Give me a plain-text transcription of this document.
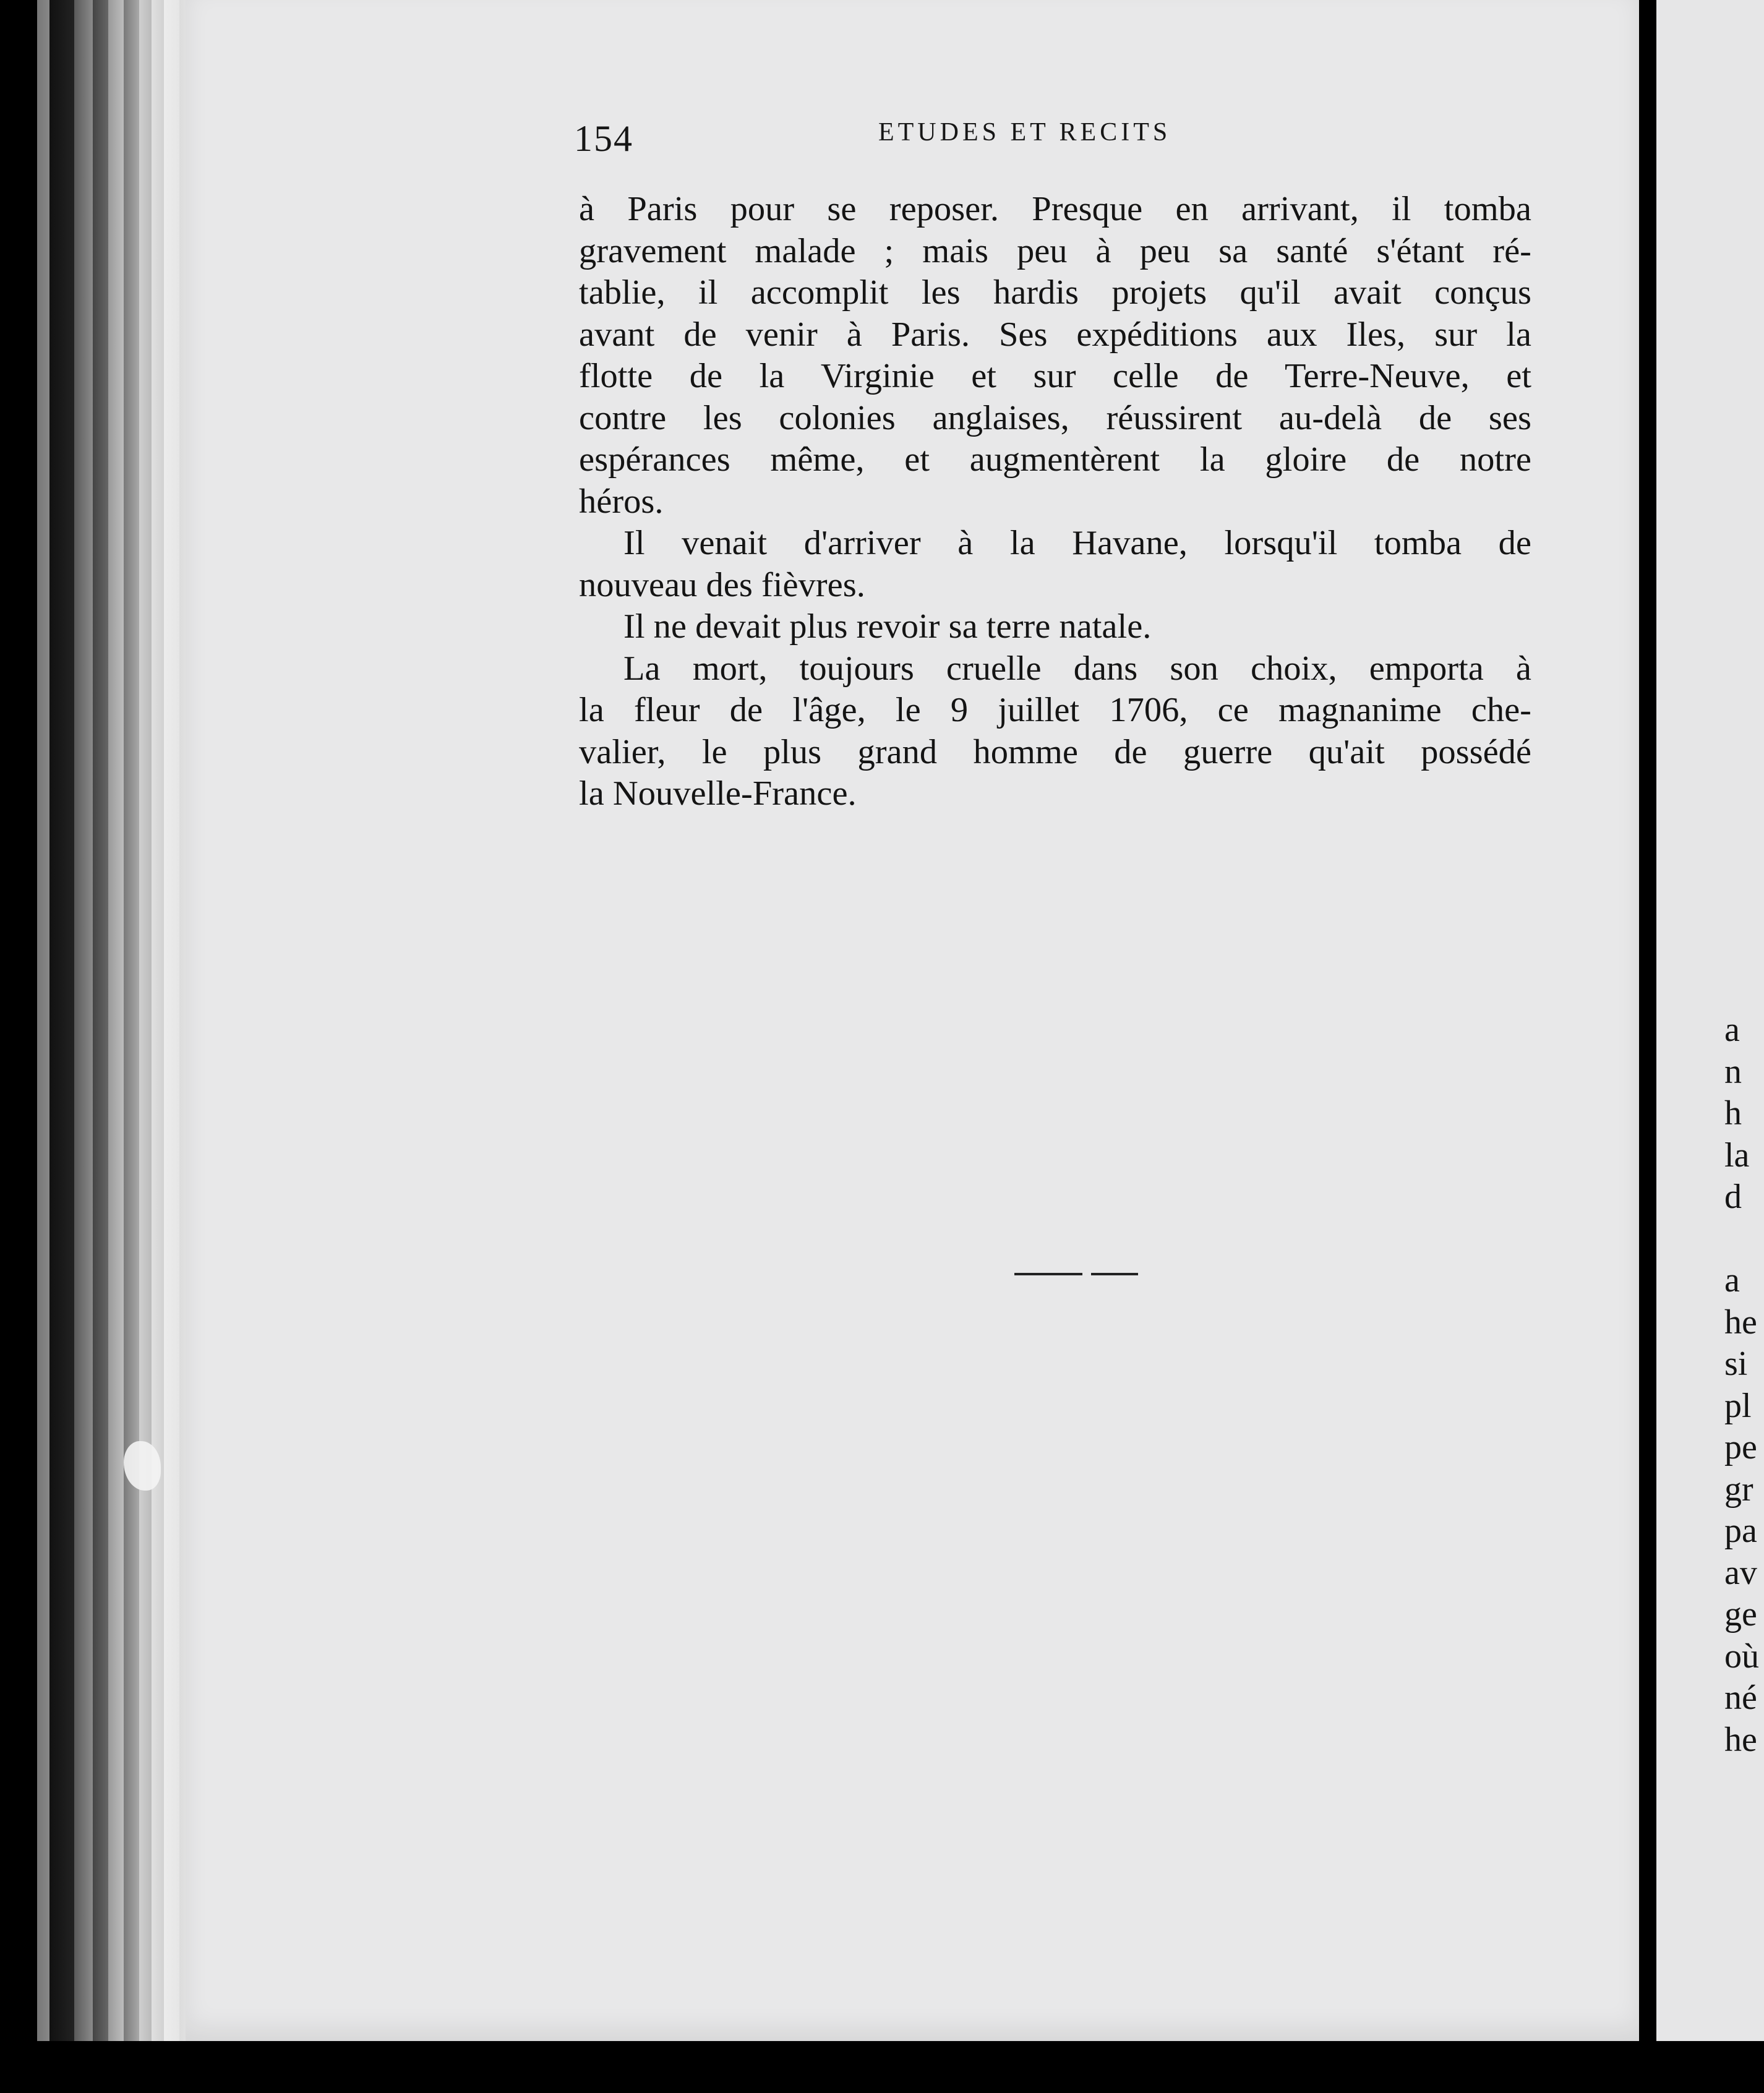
154	ETUDES ET RECITS
à Paris pour se reposer. Presque en arrivant, il tomba
gravement malade ; mais peu à peu sa santé s'étant ré-
tablie, il accomplit les hardis projets qu'il avait conçus
avant de venir à Paris. Ses expéditions aux Iles, sur la
flotte de la Virginie et sur celle de Terre-Neuve, et
contre les colonies anglaises, réussirent au-delà de ses
espérances même, et augmentèrent la gloire de notre
héros.
Il venait d'arriver à la Havane, lorsqu'il tomba de
nouveau des fièvres.
Il ne devait plus revoir sa terre natale.
La mort, toujours cruelle dans son choix, emporta à
la fleur de l'âge, le 9 juillet 1706, ce magnanime che-
valier, le plus grand homme de guerre qu'ait possédé
la Nouvelle-France.
a
n
h
la
d
a
he
si
pl
pe
gr
pa
av
ge
où
né
he
